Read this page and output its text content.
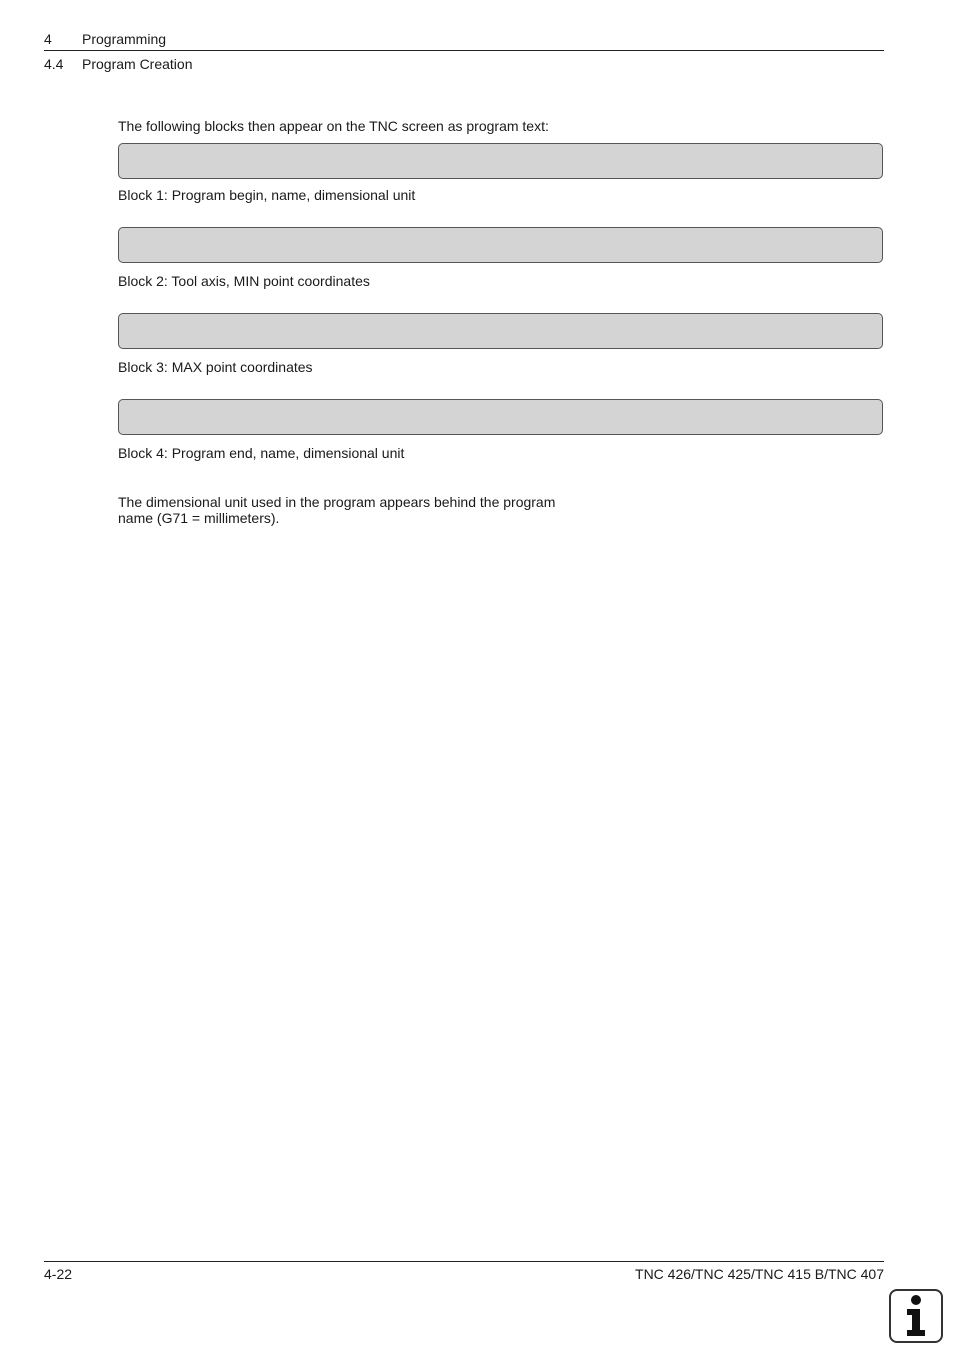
4 Programming
4.4 Program Creation
The following blocks then appear on the TNC screen as program text:
Block 1: Program begin, name, dimensional unit
Block 2: Tool axis, MIN point coordinates
Block 3: MAX point coordinates
Block 4: Program end, name, dimensional unit
The dimensional unit used in the program appears behind the program name (G71 = millimeters).
4-22	TNC 426/TNC 425/TNC 415 B/TNC 407
